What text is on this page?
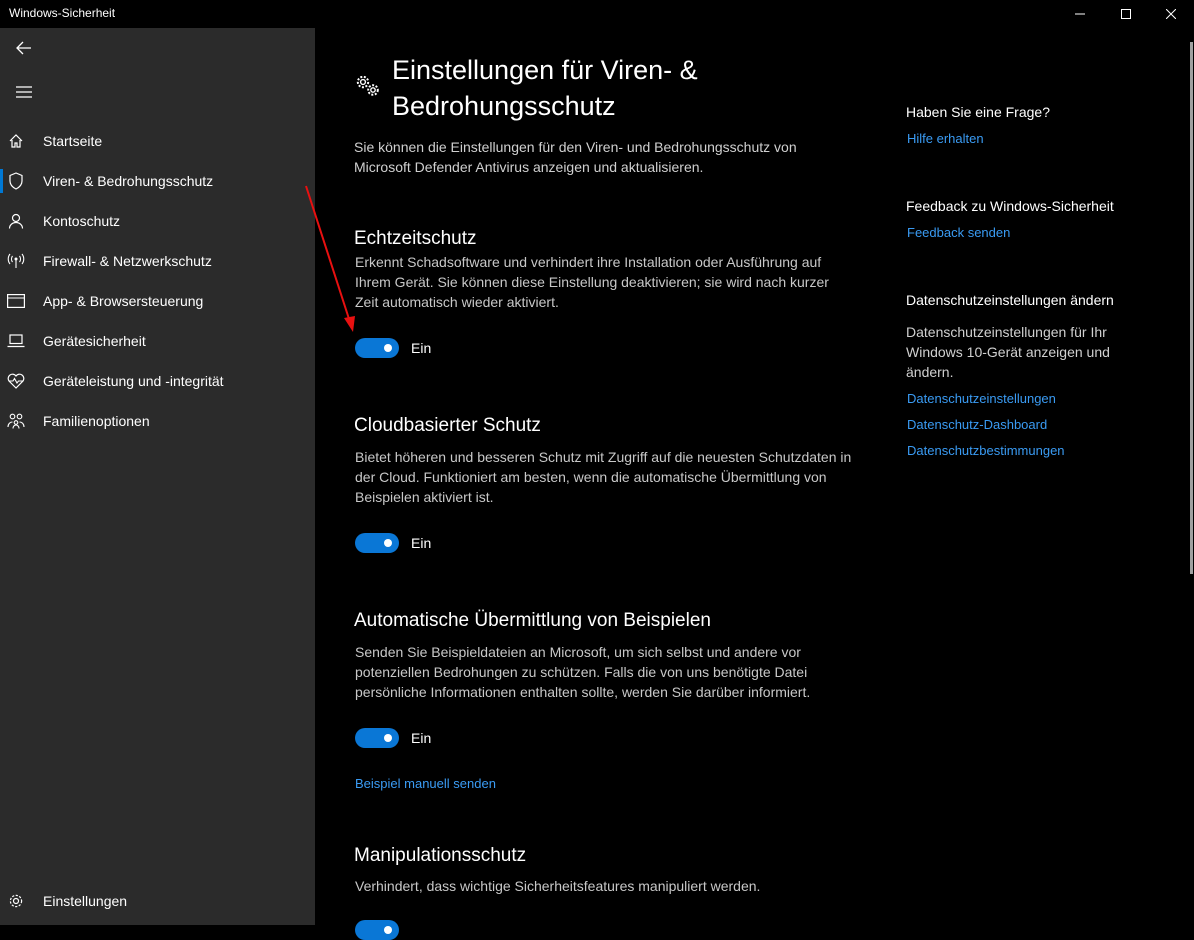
Windows-Sicherheit
Startseite
Viren- & Bedrohungsschutz
Kontoschutz
Firewall- & Netzwerkschutz
App- & Browsersteuerung
Gerätesicherheit
Geräteleistung und -integrität
Familienoptionen
Einstellungen
Einstellungen für Viren- & Bedrohungsschutz
Sie können die Einstellungen für den Viren- und Bedrohungsschutz von Microsoft Defender Antivirus anzeigen und aktualisieren.
Echtzeitschutz
Erkennt Schadsoftware und verhindert ihre Installation oder Ausführung auf Ihrem Gerät. Sie können diese Einstellung deaktivieren; sie wird nach kurzer Zeit automatisch wieder aktiviert.
Ein
Cloudbasierter Schutz
Bietet höheren und besseren Schutz mit Zugriff auf die neuesten Schutzdaten in der Cloud. Funktioniert am besten, wenn die automatische Übermittlung von Beispielen aktiviert ist.
Ein
Automatische Übermittlung von Beispielen
Senden Sie Beispieldateien an Microsoft, um sich selbst und andere vor potenziellen Bedrohungen zu schützen. Falls die von uns benötigte Datei persönliche Informationen enthalten sollte, werden Sie darüber informiert.
Ein
Beispiel manuell senden
Manipulationsschutz
Verhindert, dass wichtige Sicherheitsfeatures manipuliert werden.
Haben Sie eine Frage?
Hilfe erhalten
Feedback zu Windows-Sicherheit
Feedback senden
Datenschutzeinstellungen ändern
Datenschutzeinstellungen für Ihr Windows 10-Gerät anzeigen und ändern.
Datenschutzeinstellungen
Datenschutz-Dashboard
Datenschutzbestimmungen
